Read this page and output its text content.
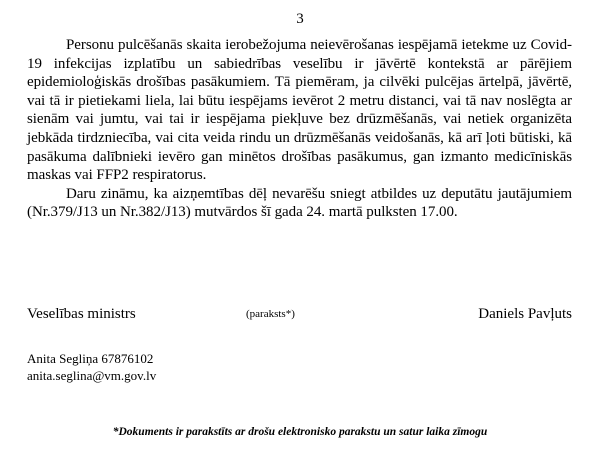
3

Personu pulcēšanās skaita ierobežojuma neievērošanas iespējamā ietekme uz Covid-19 infekcijas izplatību un sabiedrības veselību ir jāvērtē kontekstā ar pārējiem epidemioloģiskās drošības pasākumiem. Tā piemēram, ja cilvēki pulcējas ārtelpā, jāvērtē, vai tā ir pietiekami liela, lai būtu iespējams ievērot 2 metru distanci, vai tā nav noslēgta ar sienām vai jumtu, vai tai ir iespējama piekļuve bez drūzmēšanās, vai netiek organizēta jebkāda tirdzniecība, vai cita veida rindu un drūzmēšanās veidošanās, kā arī ļoti būtiski, kā pasākuma dalībnieki ievēro gan minētos drošības pasākumus, gan izmanto medicīniskās maskas vai FFP2 respiratorus.

Daru zināmu, ka aizņemtības dēļ nevarēšu sniegt atbildes uz deputātu jautājumiem (Nr.379/J13 un Nr.382/J13) mutvārdos šī gada 24. martā pulksten 17.00.

Veselības ministrs	(paraksts*)	Daniels Pavļuts
Anita Segliņa 67876102
anita.seglina@vm.gov.lv
*Dokuments ir parakstīts ar drošu elektronisko parakstu un satur laika zīmogu
